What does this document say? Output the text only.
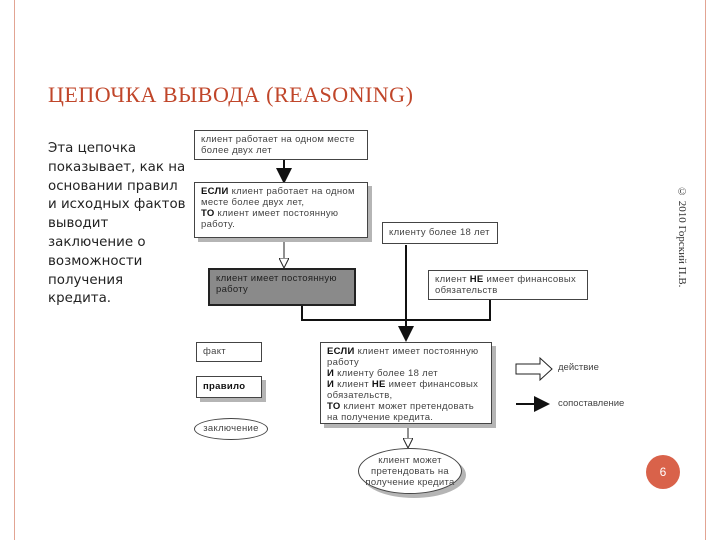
ЦЕПОЧКА ВЫВОДА (REASONING)
Эта цепочка показывает, как на основании правил и исходных фактов выводит заключение о возможности получения кредита.
© 2010 Горский П.В.
6
клиент работает на одном месте более двух лет
ЕСЛИ клиент работает на одном месте более двух лет,
ТО клиент имеет постоянную работу.
клиенту более 18 лет
клиент имеет постоянную работу
клиент НЕ имеет финансовых обязательств
ЕСЛИ клиент имеет постоянную работу
И клиенту более 18 лет
И клиент НЕ имеет финансовых обязательств,
ТО клиент может претендовать на получение кредита.
клиент может претендовать на получение кредита
факт
правило
заключение
действие
сопоставление
